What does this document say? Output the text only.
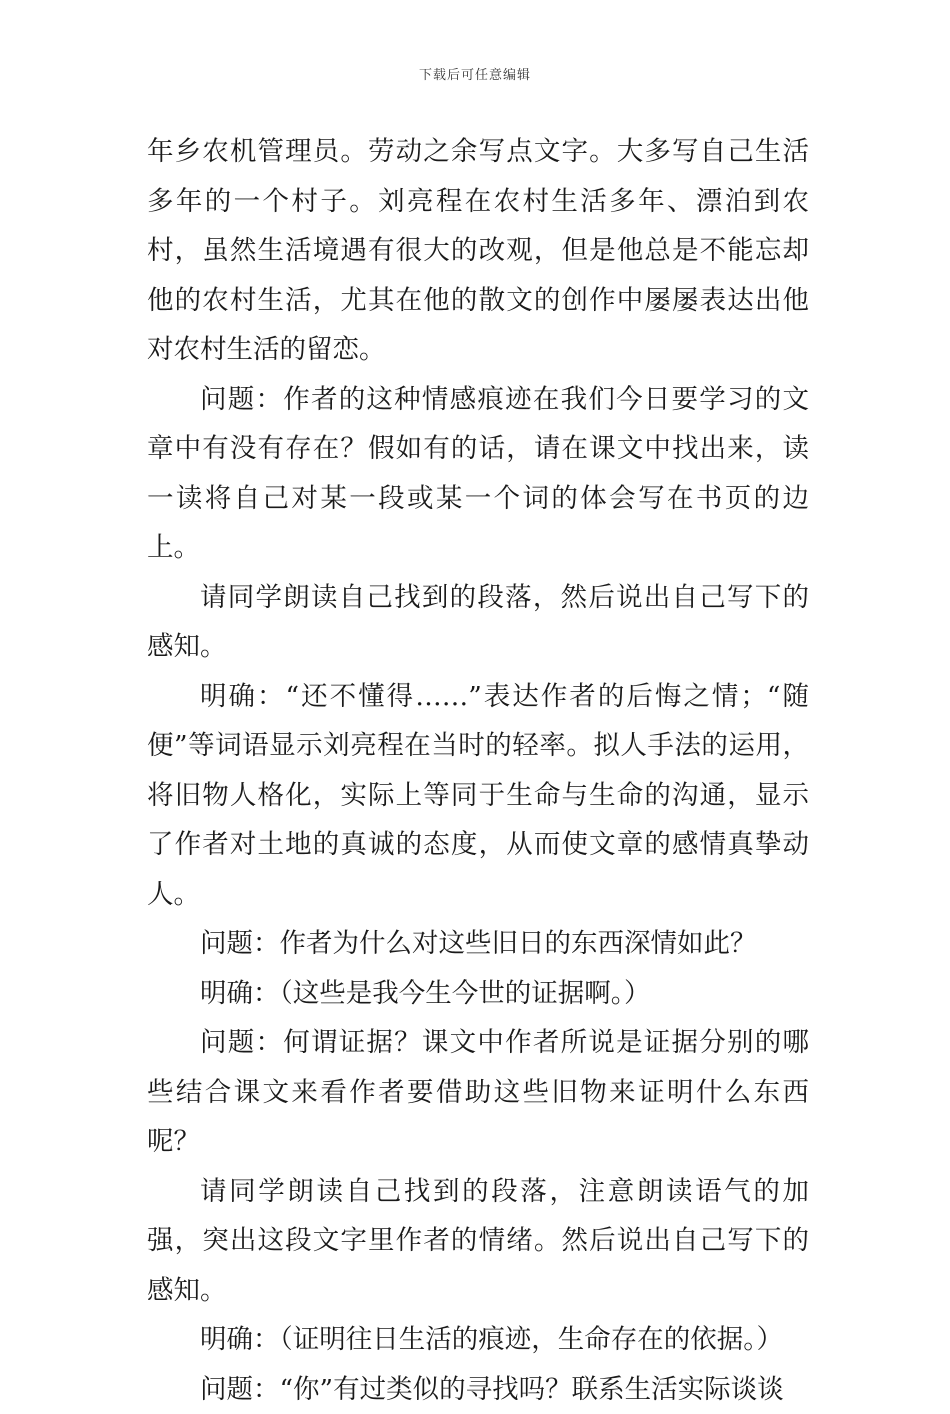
下载后可任意编辑

年乡农机管理员。劳动之余写点文字。大多写自己生活多年的一个村子。刘亮程在农村生活多年、漂泊到农村，虽然生活境遇有很大的改观，但是他总是不能忘却他的农村生活，尤其在他的散文的创作中屡屡表达出他对农村生活的留恋。

问题：作者的这种情感痕迹在我们今日要学习的文章中有没有存在？假如有的话，请在课文中找出来，读一读将自己对某一段或某一个词的体会写在书页的边上。

请同学朗读自己找到的段落，然后说出自己写下的感知。

明确：“还不懂得……”表达作者的后悔之情；“随便”等词语显示刘亮程在当时的轻率。拟人手法的运用，将旧物人格化，实际上等同于生命与生命的沟通，显示了作者对土地的真诚的态度，从而使文章的感情真挚动人。

问题：作者为什么对这些旧日的东西深情如此？

明确：（这些是我今生今世的证据啊。）

问题：何谓证据？课文中作者所说是证据分别的哪些结合课文来看作者要借助这些旧物来证明什么东西呢？

请同学朗读自己找到的段落，注意朗读语气的加强，突出这段文字里作者的情绪。然后说出自己写下的感知。

明确：（证明往日生活的痕迹，生命存在的依据。）

问题：“你”有过类似的寻找吗？联系生活实际谈谈
